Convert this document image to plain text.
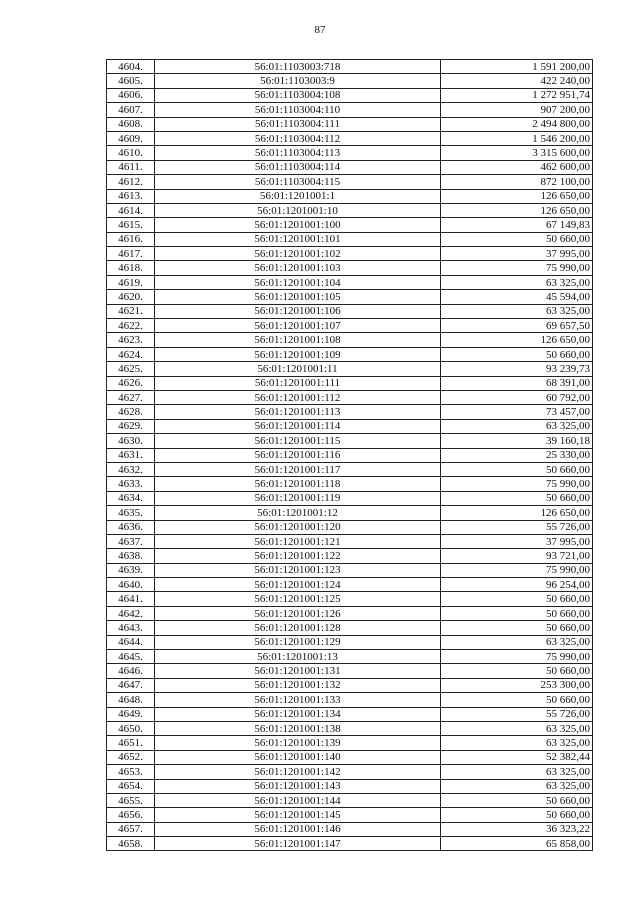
87
4604.	56:01:1103003:718	1 591 200,00
4605.	56:01:1103003:9	422 240,00
4606.	56:01:1103004:108	1 272 951,74
4607.	56:01:1103004:110	907 200,00
4608.	56:01:1103004:111	2 494 800,00
4609.	56:01:1103004:112	1 546 200,00
4610.	56:01:1103004:113	3 315 600,00
4611.	56:01:1103004:114	462 600,00
4612.	56:01:1103004:115	872 100,00
4613.	56:01:1201001:1	126 650,00
4614.	56:01:1201001:10	126 650,00
4615.	56:01:1201001:100	67 149,83
4616.	56:01:1201001:101	50 660,00
4617.	56:01:1201001:102	37 995,00
4618.	56:01:1201001:103	75 990,00
4619.	56:01:1201001:104	63 325,00
4620.	56:01:1201001:105	45 594,00
4621.	56:01:1201001:106	63 325,00
4622.	56:01:1201001:107	69 657,50
4623.	56:01:1201001:108	126 650,00
4624.	56:01:1201001:109	50 660,00
4625.	56:01:1201001:11	93 239,73
4626.	56:01:1201001:111	68 391,00
4627.	56:01:1201001:112	60 792,00
4628.	56:01:1201001:113	73 457,00
4629.	56:01:1201001:114	63 325,00
4630.	56:01:1201001:115	39 160,18
4631.	56:01:1201001:116	25 330,00
4632.	56:01:1201001:117	50 660,00
4633.	56:01:1201001:118	75 990,00
4634.	56:01:1201001:119	50 660,00
4635.	56:01:1201001:12	126 650,00
4636.	56:01:1201001:120	55 726,00
4637.	56:01:1201001:121	37 995,00
4638.	56:01:1201001:122	93 721,00
4639.	56:01:1201001:123	75 990,00
4640.	56:01:1201001:124	96 254,00
4641.	56:01:1201001:125	50 660,00
4642.	56:01:1201001:126	50 660,00
4643.	56:01:1201001:128	50 660,00
4644.	56:01:1201001:129	63 325,00
4645.	56:01:1201001:13	75 990,00
4646.	56:01:1201001:131	50 660,00
4647.	56:01:1201001:132	253 300,00
4648.	56:01:1201001:133	50 660,00
4649.	56:01:1201001:134	55 726,00
4650.	56:01:1201001:138	63 325,00
4651.	56:01:1201001:139	63 325,00
4652.	56:01:1201001:140	52 382,44
4653.	56:01:1201001:142	63 325,00
4654.	56:01:1201001:143	63 325,00
4655.	56:01:1201001:144	50 660,00
4656.	56:01:1201001:145	50 660,00
4657.	56:01:1201001:146	36 323,22
4658.	56:01:1201001:147	65 858,00
